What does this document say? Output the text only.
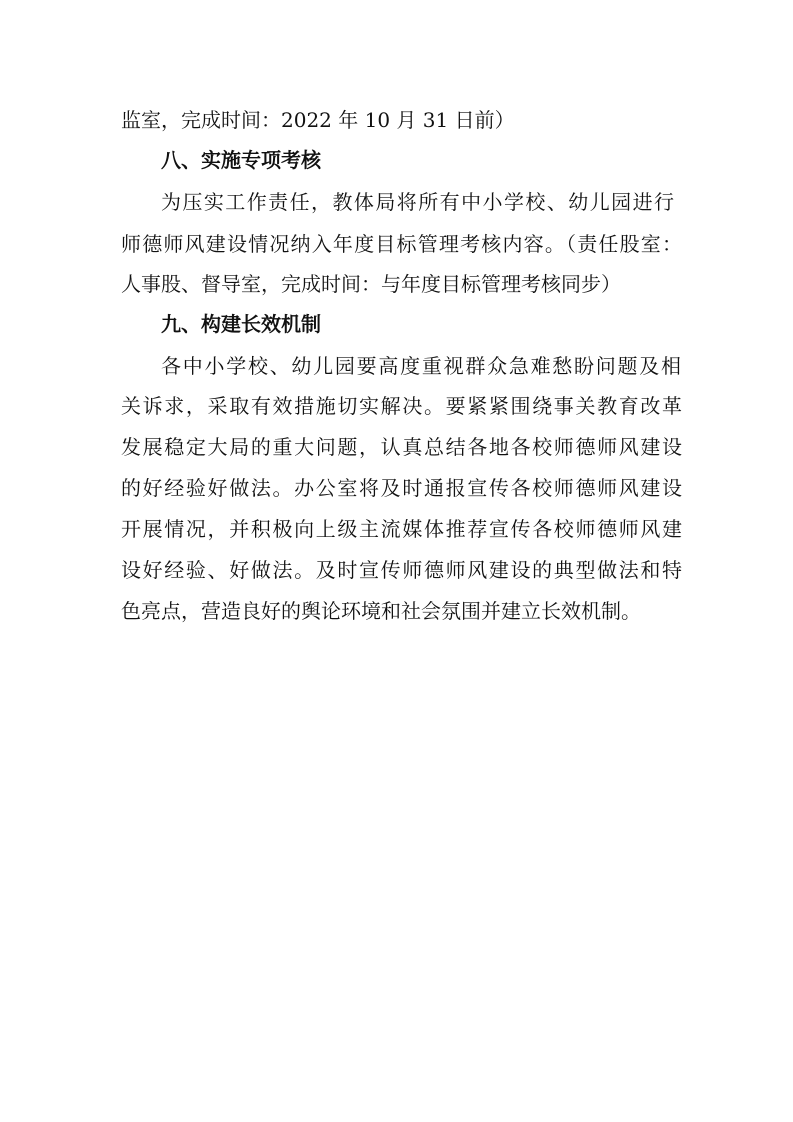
监室，完成时间：2022 年 10 月 31 日前）
八、实施专项考核
为压实工作责任，教体局将所有中小学校、幼儿园进行
师德师风建设情况纳入年度目标管理考核内容。（责任股室：
人事股、督导室，完成时间：与年度目标管理考核同步）
九、构建长效机制
各中小学校、幼儿园要高度重视群众急难愁盼问题及相
关诉求，采取有效措施切实解决。要紧紧围绕事关教育改革
发展稳定大局的重大问题，认真总结各地各校师德师风建设
的好经验好做法。办公室将及时通报宣传各校师德师风建设
开展情况，并积极向上级主流媒体推荐宣传各校师德师风建
设好经验、好做法。及时宣传师德师风建设的典型做法和特
色亮点，营造良好的舆论环境和社会氛围并建立长效机制。
